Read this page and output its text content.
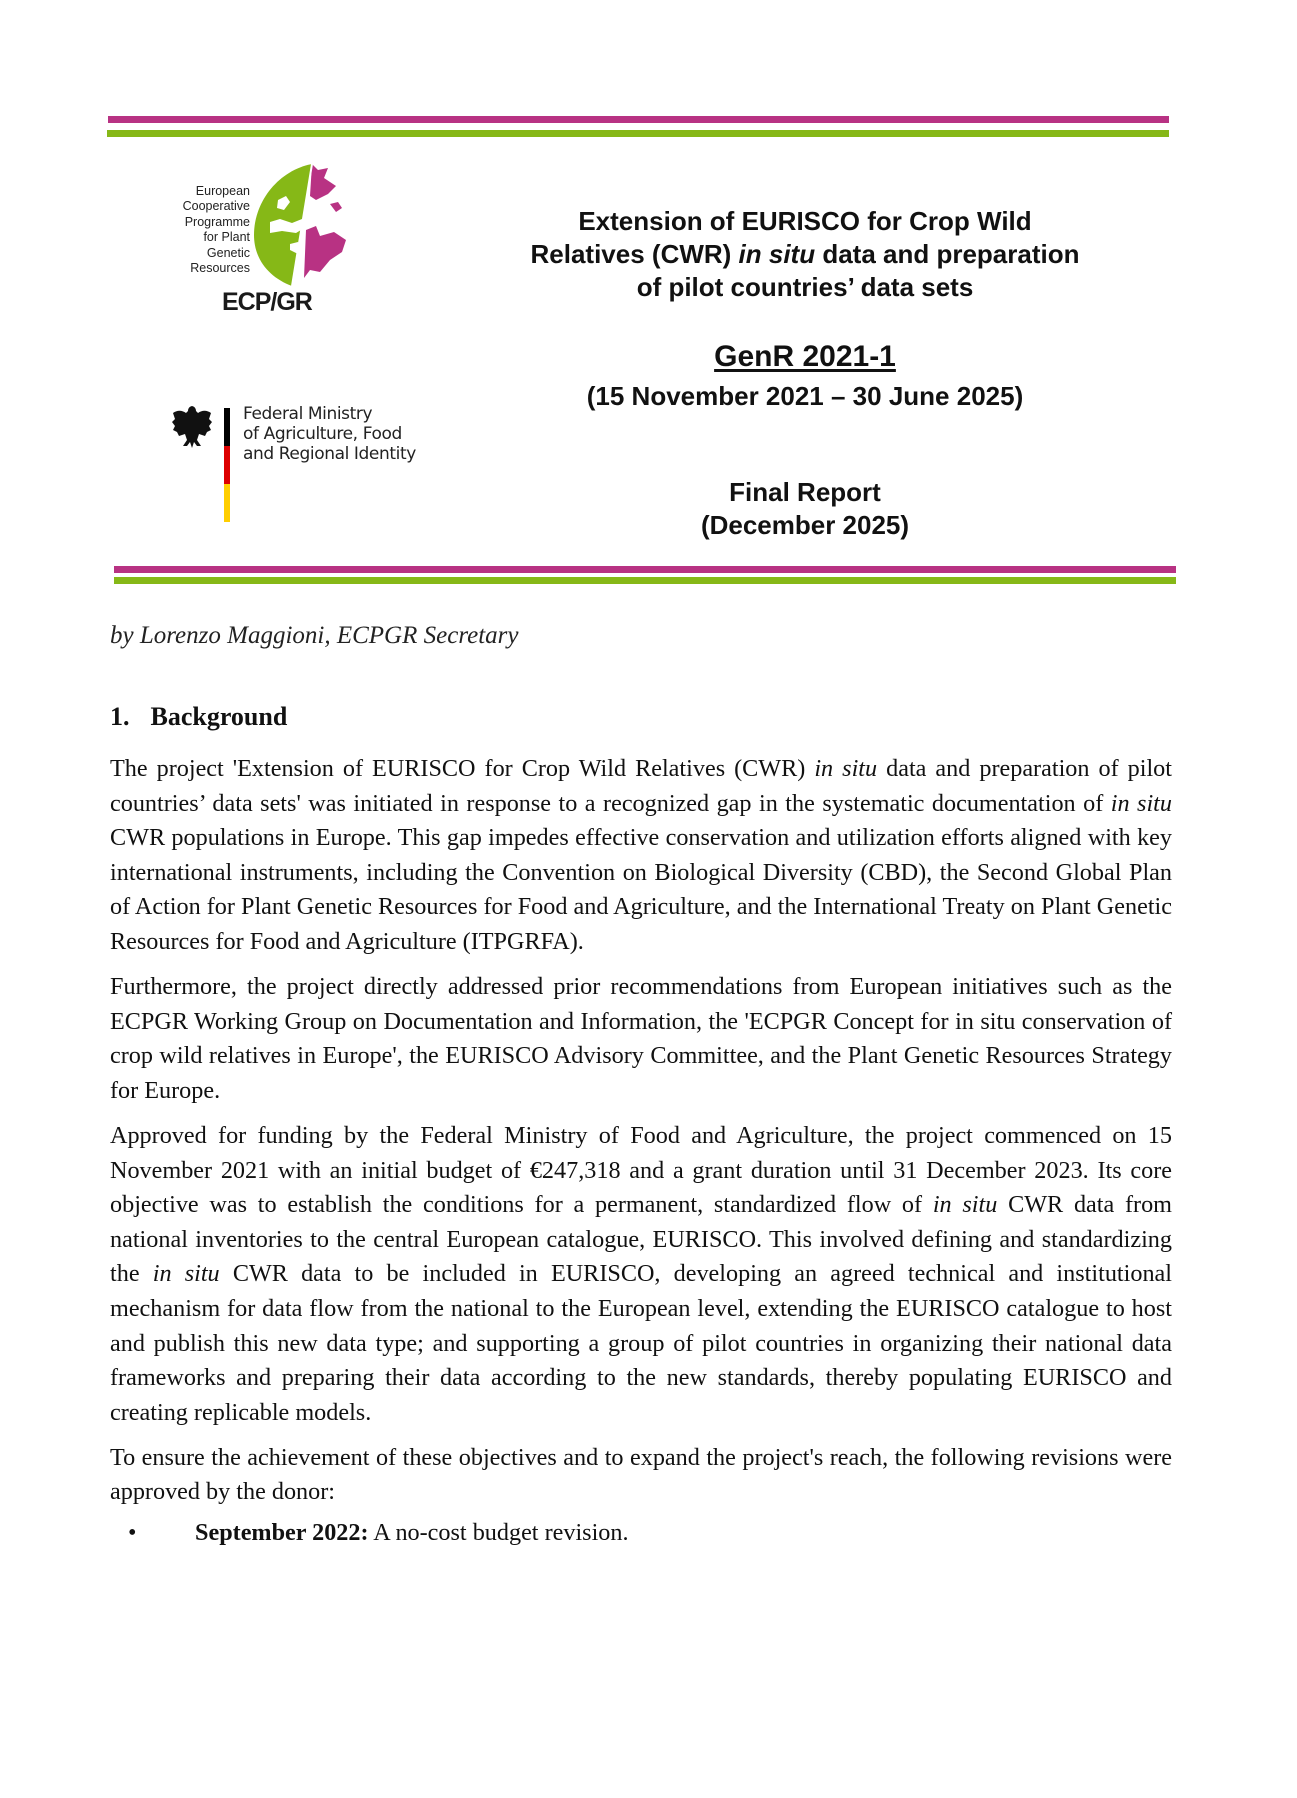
European
Cooperative
Programme
for Plant
Genetic
Resources
ECP/GR
Federal Ministry
of Agriculture, Food
and Regional Identity
Extension of EURISCO for Crop Wild
Relatives (CWR) in situ data and preparation
of pilot countries’ data sets
GenR 2021-1
(15 November 2021 – 30 June 2025)
Final Report
(December 2025)
by Lorenzo Maggioni, ECPGR Secretary
1. Background

The project 'Extension of EURISCO for Crop Wild Relatives (CWR) in situ data and preparation of pilot countries’ data sets' was initiated in response to a recognized gap in the systematic documentation of in situ CWR populations in Europe. This gap impedes effective conservation and utilization efforts aligned with key international instruments, including the Convention on Biological Diversity (CBD), the Second Global Plan of Action for Plant Genetic Resources for Food and Agriculture, and the International Treaty on Plant Genetic Resources for Food and Agriculture (ITPGRFA).

Furthermore, the project directly addressed prior recommendations from European initiatives such as the ECPGR Working Group on Documentation and Information, the 'ECPGR Concept for in situ conservation of crop wild relatives in Europe', the EURISCO Advisory Committee, and the Plant Genetic Resources Strategy for Europe.

Approved for funding by the Federal Ministry of Food and Agriculture, the project commenced on 15 November 2021 with an initial budget of €247,318 and a grant duration until 31 December 2023. Its core objective was to establish the conditions for a permanent, standardized flow of in situ CWR data from national inventories to the central European catalogue, EURISCO. This involved defining and standardizing the in situ CWR data to be included in EURISCO, developing an agreed technical and institutional mechanism for data flow from the national to the European level, extending the EURISCO catalogue to host and publish this new data type; and supporting a group of pilot countries in organizing their national data frameworks and preparing their data according to the new standards, thereby populating EURISCO and creating replicable models.

To ensure the achievement of these objectives and to expand the project's reach, the following revisions were approved by the donor:

• September 2022: A no-cost budget revision.
